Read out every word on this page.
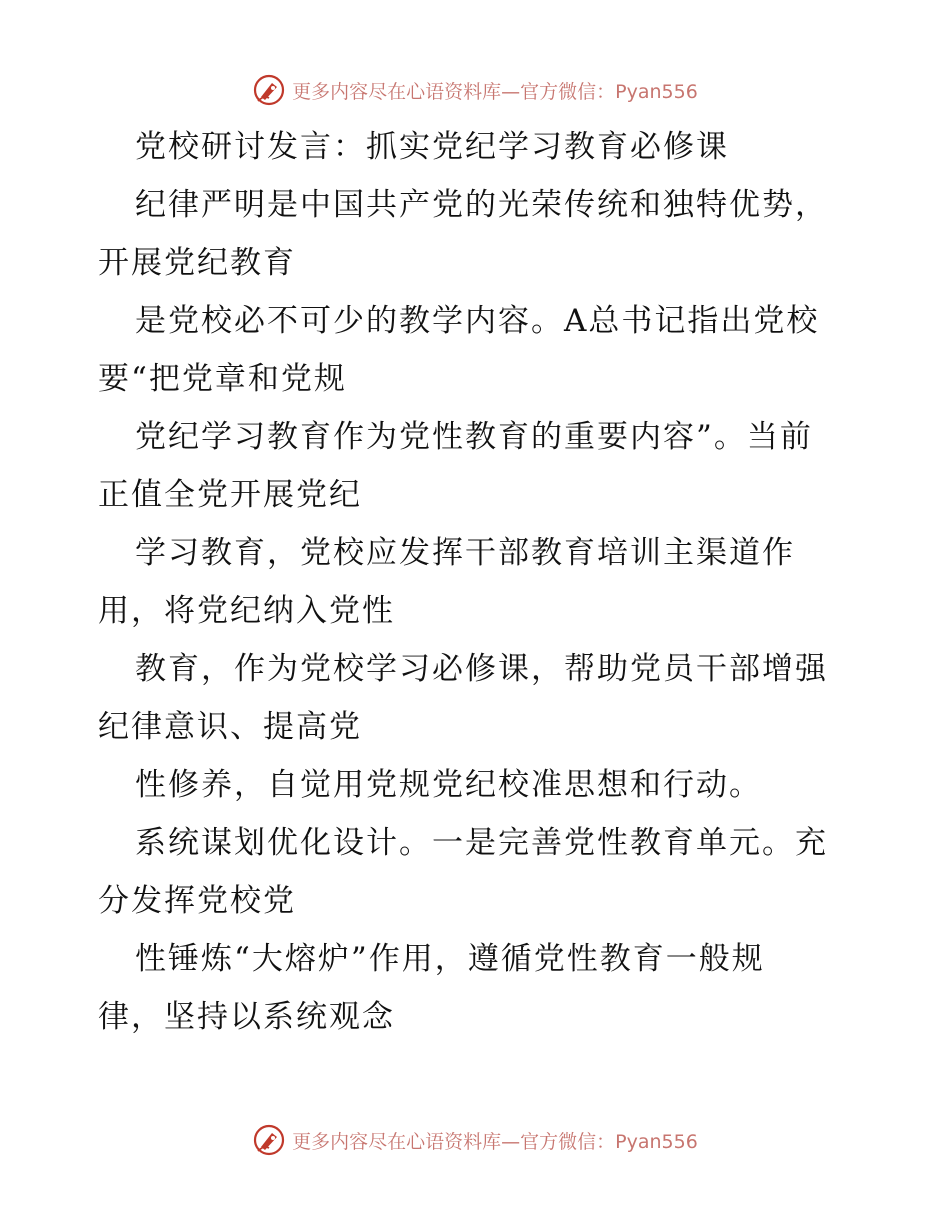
更多内容尽在心语资料库—官方微信：Pyan556
党校研讨发言：抓实党纪学习教育必修课
纪律严明是中国共产党的光荣传统和独特优势，
开展党纪教育
是党校必不可少的教学内容。A总书记指出党校
要“把党章和党规
党纪学习教育作为党性教育的重要内容”。当前
正值全党开展党纪
学习教育，党校应发挥干部教育培训主渠道作
用，将党纪纳入党性
教育，作为党校学习必修课，帮助党员干部增强
纪律意识、提高党
性修养，自觉用党规党纪校准思想和行动。
系统谋划优化设计。一是完善党性教育单元。充
分发挥党校党
性锤炼“大熔炉”作用，遵循党性教育一般规
律，坚持以系统观念
更多内容尽在心语资料库—官方微信：Pyan556
